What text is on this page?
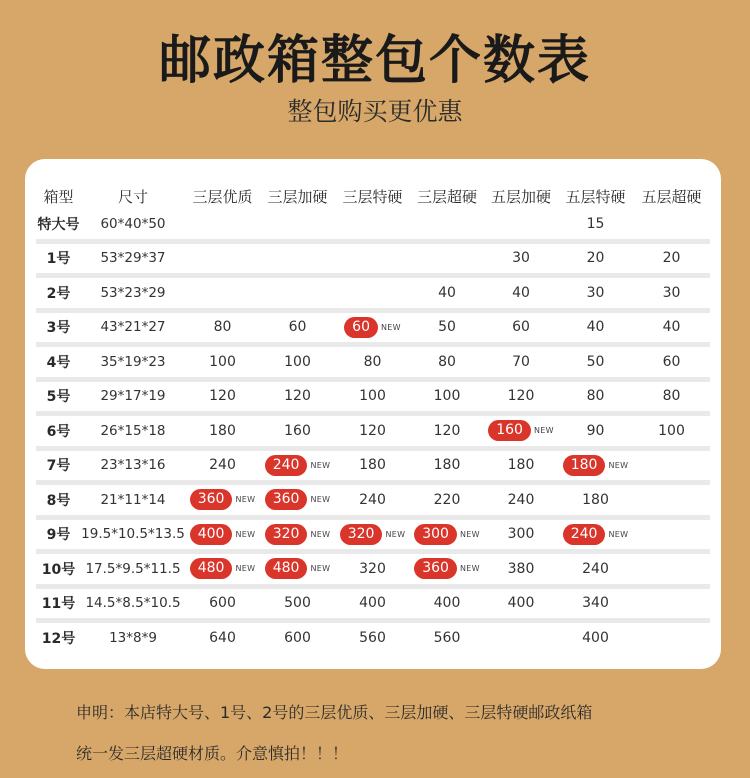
邮政箱整包个数表
整包购买更优惠
箱型	尺寸	三层优质	三层加硬	三层特硬	三层超硬	五层加硬	五层特硬	五层超硬
特大号	60*40*50						15	
1号	53*29*37					30	20	20
2号	53*23*29				40	40	30	30
3号	43*21*27	80	60	60 NEW	50	60	40	40
4号	35*19*23	100	100	80	80	70	50	60
5号	29*17*19	120	120	100	100	120	80	80
6号	26*15*18	180	160	120	120	160 NEW	90	100
7号	23*13*16	240	240 NEW	180	180	180	180 NEW	

8号	21*11*14	360 NEW	360 NEW	240	220	240	180	
9号	19.5*10.5*13.5	400 NEW	320 NEW	320 NEW	300 NEW	300	240 NEW	

10号	17.5*9.5*11.5	480 NEW	480 NEW	320	360 NEW	380	240	
11号	14.5*8.5*10.5	600	500	400	400	400	340	
12号	13*8*9	640	600	560	560		400	
申明：本店特大号、1号、2号的三层优质、三层加硬、三层特硬邮政纸箱
统一发三层超硬材质。介意慎拍！！！
